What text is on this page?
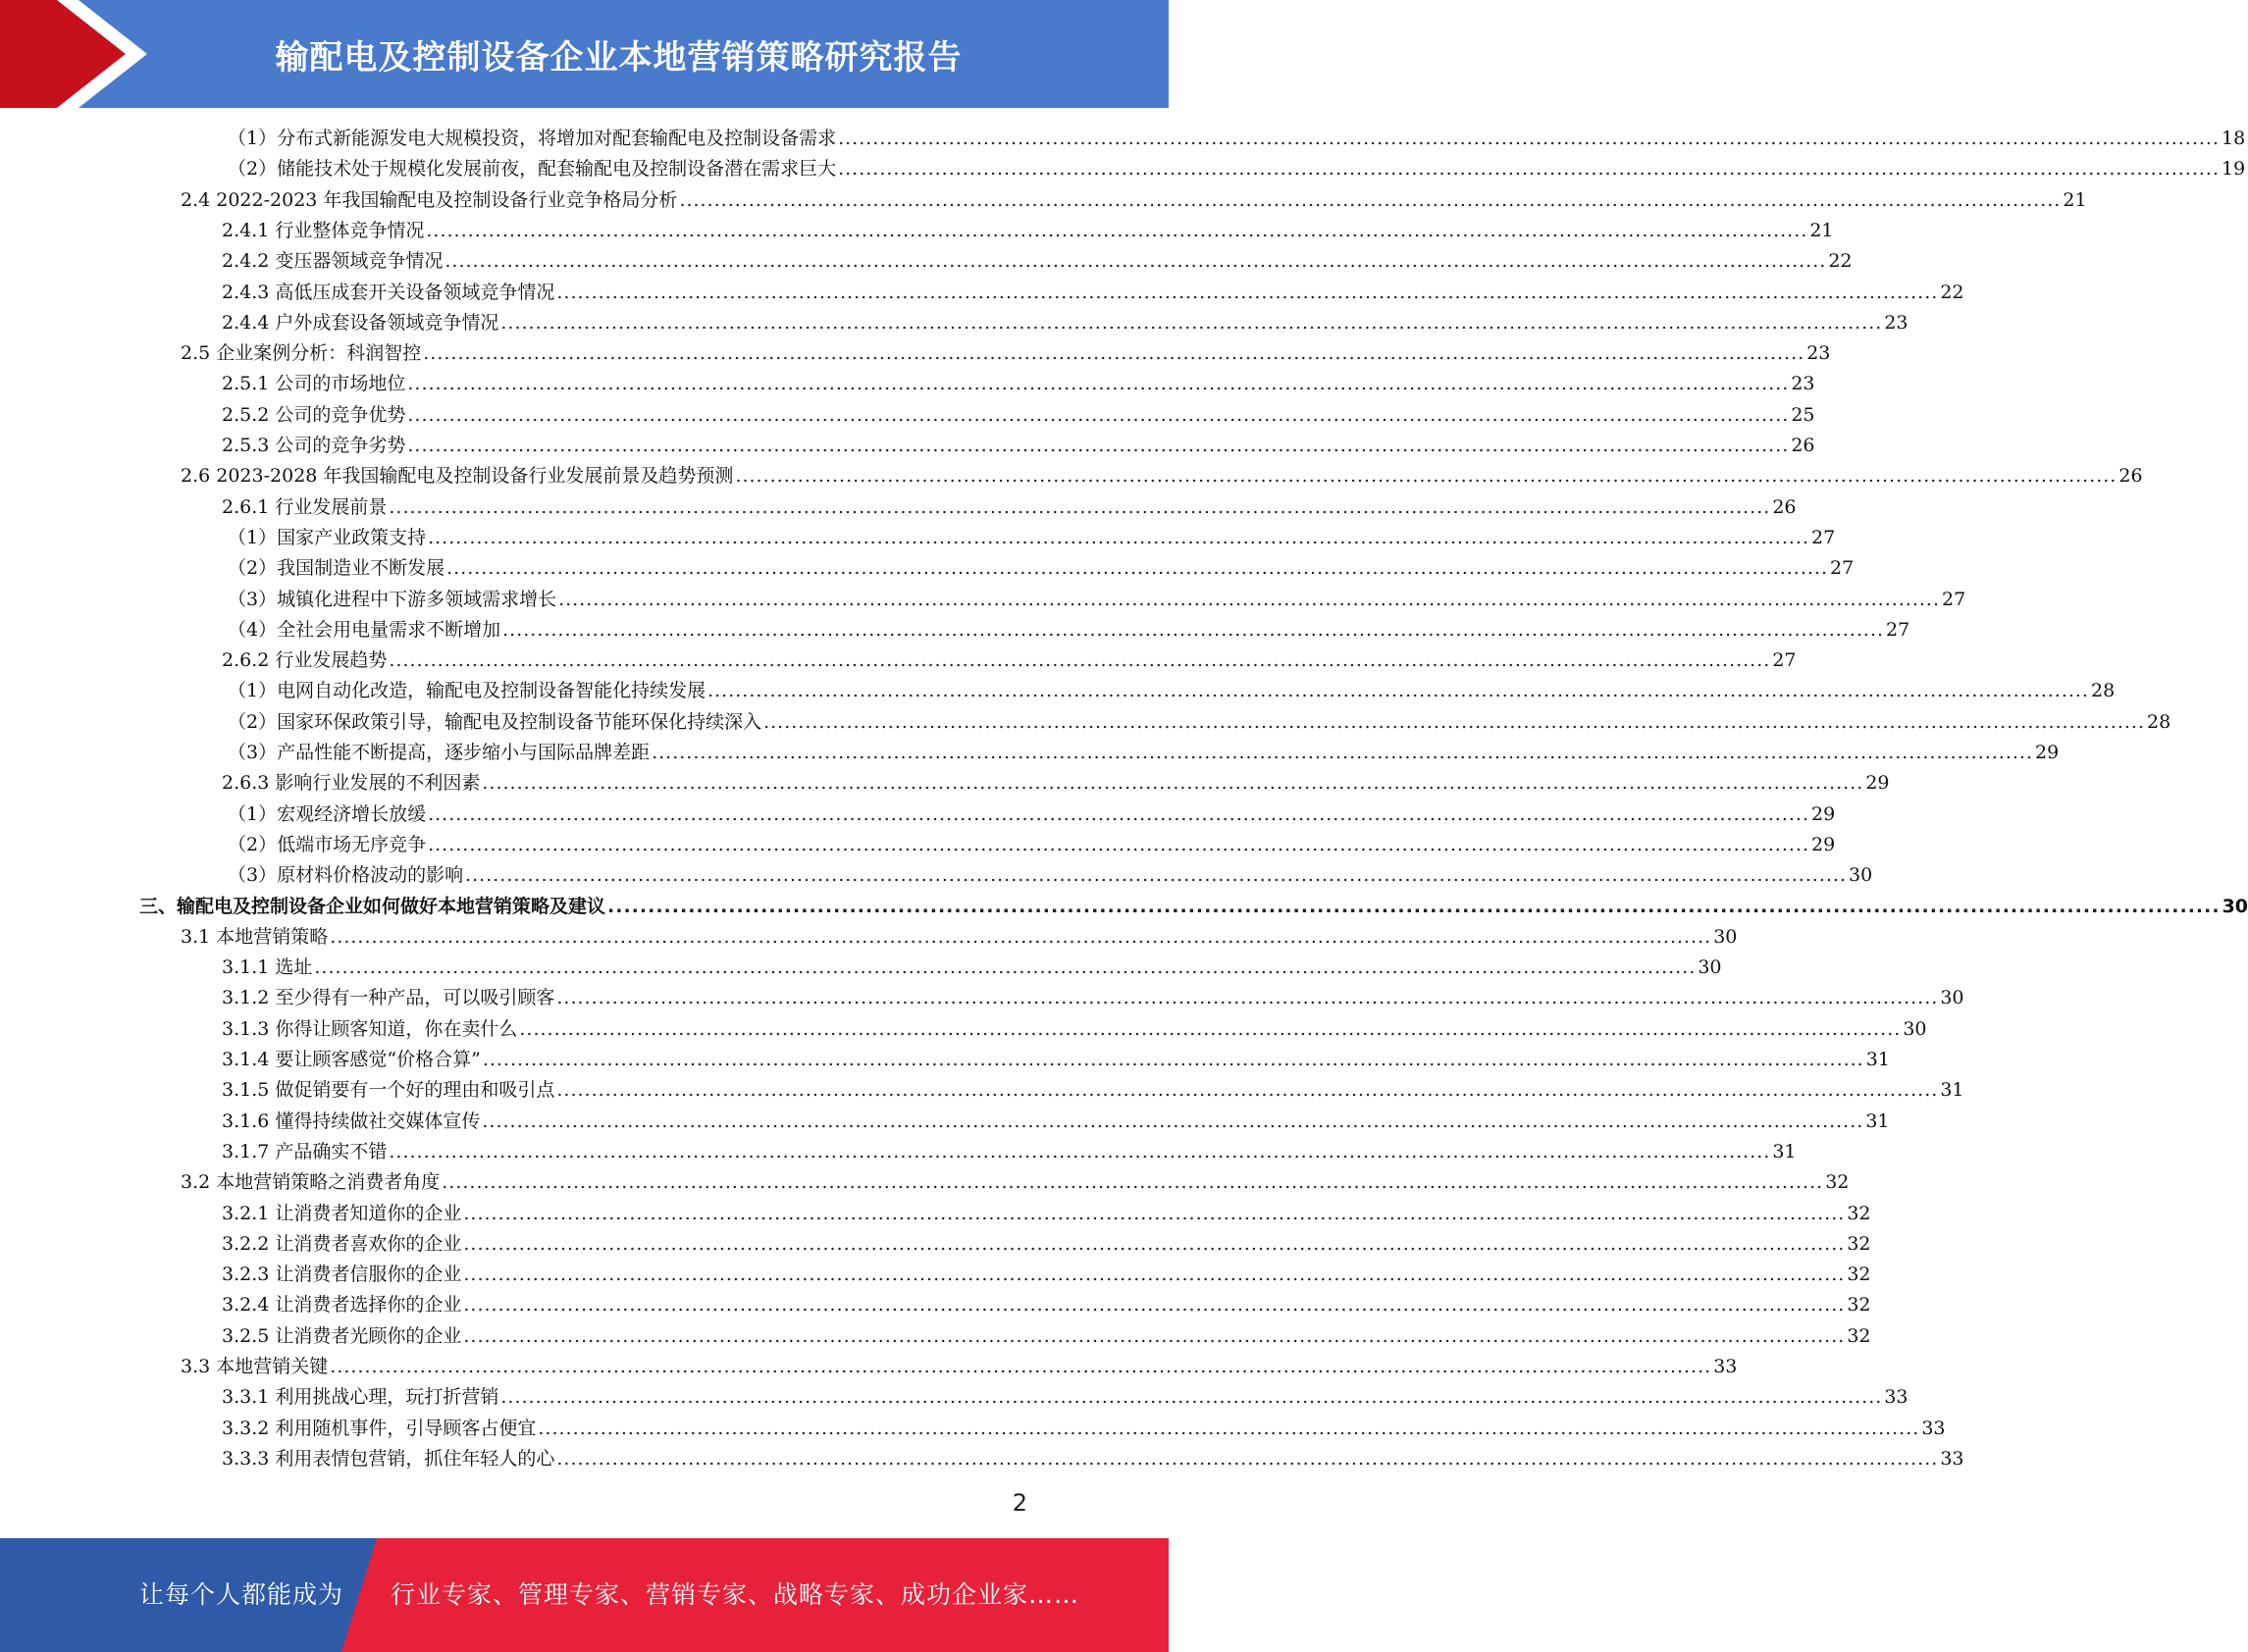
输配电及控制设备企业本地营销策略研究报告
（1）分布式新能源发电大规模投资，将增加对配套输配电及控制设备需求 ........................................................................................................................................................................................................ 18
（2）储能技术处于规模化发展前夜，配套输配电及控制设备潜在需求巨大 ........................................................................................................................................................................................................ 19
2.4 2022-2023 年我国输配电及控制设备行业竞争格局分析 ........................................................................................................................................................................................................ 21
2.4.1 行业整体竞争情况 ........................................................................................................................................................................................................ 21
2.4.2 变压器领域竞争情况 ........................................................................................................................................................................................................ 22
2.4.3 高低压成套开关设备领域竞争情况 ........................................................................................................................................................................................................ 22
2.4.4 户外成套设备领域竞争情况 ........................................................................................................................................................................................................ 23
2.5 企业案例分析：科润智控 ........................................................................................................................................................................................................ 23
2.5.1 公司的市场地位 ........................................................................................................................................................................................................ 23
2.5.2 公司的竞争优势 ........................................................................................................................................................................................................ 25
2.5.3 公司的竞争劣势 ........................................................................................................................................................................................................ 26
2.6 2023-2028 年我国输配电及控制设备行业发展前景及趋势预测 ........................................................................................................................................................................................................ 26
2.6.1 行业发展前景 ........................................................................................................................................................................................................ 26
（1）国家产业政策支持 ........................................................................................................................................................................................................ 27
（2）我国制造业不断发展 ........................................................................................................................................................................................................ 27
（3）城镇化进程中下游多领域需求增长 ........................................................................................................................................................................................................ 27
（4）全社会用电量需求不断增加 ........................................................................................................................................................................................................ 27
2.6.2 行业发展趋势 ........................................................................................................................................................................................................ 27
（1）电网自动化改造，输配电及控制设备智能化持续发展 ........................................................................................................................................................................................................ 28
（2）国家环保政策引导，输配电及控制设备节能环保化持续深入 ........................................................................................................................................................................................................ 28
（3）产品性能不断提高，逐步缩小与国际品牌差距 ........................................................................................................................................................................................................ 29
2.6.3 影响行业发展的不利因素 ........................................................................................................................................................................................................ 29
（1）宏观经济增长放缓 ........................................................................................................................................................................................................ 29
（2）低端市场无序竞争 ........................................................................................................................................................................................................ 29
（3）原材料价格波动的影响 ........................................................................................................................................................................................................ 30
三、输配电及控制设备企业如何做好本地营销策略及建议 ........................................................................................................................................................................................................ 30
3.1 本地营销策略 ........................................................................................................................................................................................................ 30
3.1.1 选址 ........................................................................................................................................................................................................ 30
3.1.2 至少得有一种产品，可以吸引顾客 ........................................................................................................................................................................................................ 30
3.1.3 你得让顾客知道，你在卖什么 ........................................................................................................................................................................................................ 30
3.1.4 要让顾客感觉“价格合算” ........................................................................................................................................................................................................ 31
3.1.5 做促销要有一个好的理由和吸引点 ........................................................................................................................................................................................................ 31
3.1.6 懂得持续做社交媒体宣传 ........................................................................................................................................................................................................ 31
3.1.7 产品确实不错 ........................................................................................................................................................................................................ 31
3.2 本地营销策略之消费者角度 ........................................................................................................................................................................................................ 32
3.2.1 让消费者知道你的企业 ........................................................................................................................................................................................................ 32
3.2.2 让消费者喜欢你的企业 ........................................................................................................................................................................................................ 32
3.2.3 让消费者信服你的企业 ........................................................................................................................................................................................................ 32
3.2.4 让消费者选择你的企业 ........................................................................................................................................................................................................ 32
3.2.5 让消费者光顾你的企业 ........................................................................................................................................................................................................ 32
3.3 本地营销关键 ........................................................................................................................................................................................................ 33
3.3.1 利用挑战心理，玩打折营销 ........................................................................................................................................................................................................ 33
3.3.2 利用随机事件，引导顾客占便宜 ........................................................................................................................................................................................................ 33
3.3.3 利用表情包营销，抓住年轻人的心 ........................................................................................................................................................................................................ 33
2
让每个人都能成为 行业专家、管理专家、营销专家、战略专家、成功企业家……
